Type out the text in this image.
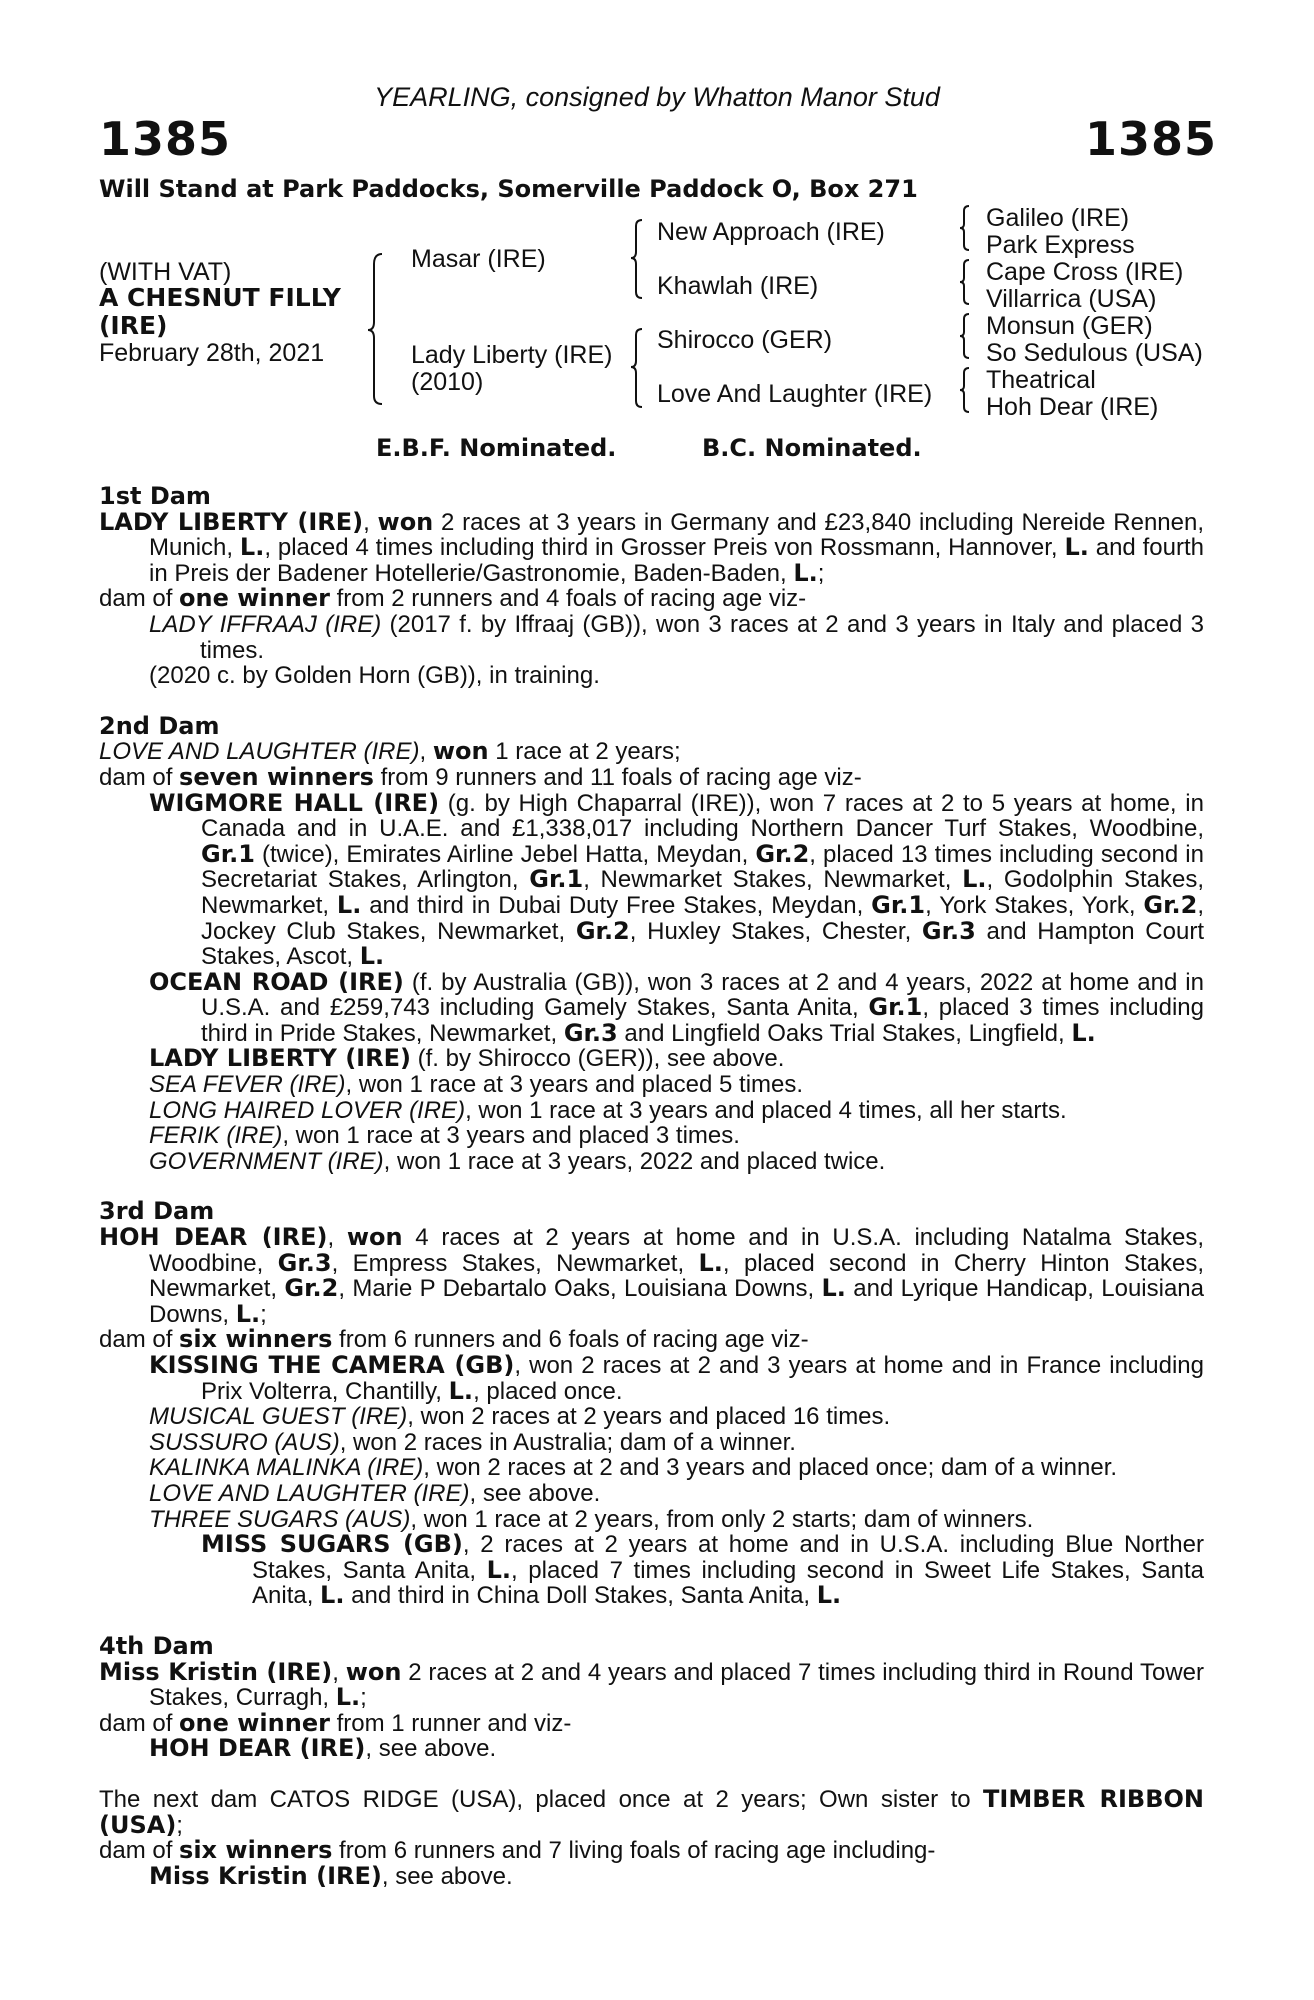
YEARLING, consigned by Whatton Manor Stud
1385	1385
Will Stand at Park Paddocks, Somerville Paddock O, Box 271
(WITH VAT)
A CHESNUT FILLY
(IRE)
February 28th, 2021
Masar (IRE)
Lady Liberty (IRE)
(2010)
New Approach (IRE)
Khawlah (IRE)
Shirocco (GER)
Love And Laughter (IRE)
Galileo (IRE)
Park Express
Cape Cross (IRE)
Villarrica (USA)
Monsun (GER)
So Sedulous (USA)
Theatrical
Hoh Dear (IRE)
E.B.F. Nominated.	B.C. Nominated.

1st Dam

LADY LIBERTY (IRE), won 2 races at 3 years in Germany and £23,840 including Nereide Rennen, Munich, L., placed 4 times including third in Grosser Preis von Rossmann, Hannover, L. and fourth in Preis der Badener Hotellerie/Gastronomie, Baden-Baden, L.;

dam of one winner from 2 runners and 4 foals of racing age viz-

LADY IFFRAAJ (IRE) (2017 f. by Iffraaj (GB)), won 3 races at 2 and 3 years in Italy and placed 3 times.

(2020 c. by Golden Horn (GB)), in training.

2nd Dam

LOVE AND LAUGHTER (IRE), won 1 race at 2 years;

dam of seven winners from 9 runners and 11 foals of racing age viz-

WIGMORE HALL (IRE) (g. by High Chaparral (IRE)), won 7 races at 2 to 5 years at home, in Canada and in U.A.E. and £1,338,017 including Northern Dancer Turf Stakes, Woodbine, Gr.1 (twice), Emirates Airline Jebel Hatta, Meydan, Gr.2, placed 13 times including second in Secretariat Stakes, Arlington, Gr.1, Newmarket Stakes, Newmarket, L., Godolphin Stakes, Newmarket, L. and third in Dubai Duty Free Stakes, Meydan, Gr.1, York Stakes, York, Gr.2, Jockey Club Stakes, Newmarket, Gr.2, Huxley Stakes, Chester, Gr.3 and Hampton Court Stakes, Ascot, L.

OCEAN ROAD (IRE) (f. by Australia (GB)), won 3 races at 2 and 4 years, 2022 at home and in U.S.A. and £259,743 including Gamely Stakes, Santa Anita, Gr.1, placed 3 times including third in Pride Stakes, Newmarket, Gr.3 and Lingfield Oaks Trial Stakes, Lingfield, L.

LADY LIBERTY (IRE) (f. by Shirocco (GER)), see above.

SEA FEVER (IRE), won 1 race at 3 years and placed 5 times.

LONG HAIRED LOVER (IRE), won 1 race at 3 years and placed 4 times, all her starts.

FERIK (IRE), won 1 race at 3 years and placed 3 times.

GOVERNMENT (IRE), won 1 race at 3 years, 2022 and placed twice.

3rd Dam

HOH DEAR (IRE), won 4 races at 2 years at home and in U.S.A. including Natalma Stakes, Woodbine, Gr.3, Empress Stakes, Newmarket, L., placed second in Cherry Hinton Stakes, Newmarket, Gr.2, Marie P Debartalo Oaks, Louisiana Downs, L. and Lyrique Handicap, Louisiana Downs, L.;

dam of six winners from 6 runners and 6 foals of racing age viz-

KISSING THE CAMERA (GB), won 2 races at 2 and 3 years at home and in France including Prix Volterra, Chantilly, L., placed once.

MUSICAL GUEST (IRE), won 2 races at 2 years and placed 16 times.

SUSSURO (AUS), won 2 races in Australia; dam of a winner.

KALINKA MALINKA (IRE), won 2 races at 2 and 3 years and placed once; dam of a winner.

LOVE AND LAUGHTER (IRE), see above.

THREE SUGARS (AUS), won 1 race at 2 years, from only 2 starts; dam of winners.

MISS SUGARS (GB), 2 races at 2 years at home and in U.S.A. including Blue Norther Stakes, Santa Anita, L., placed 7 times including second in Sweet Life Stakes, Santa Anita, L. and third in China Doll Stakes, Santa Anita, L.

4th Dam

Miss Kristin (IRE), won 2 races at 2 and 4 years and placed 7 times including third in Round Tower Stakes, Curragh, L.;

dam of one winner from 1 runner and viz-

HOH DEAR (IRE), see above.

The next dam CATOS RIDGE (USA), placed once at 2 years; Own sister to TIMBER RIBBON (USA);

dam of six winners from 6 runners and 7 living foals of racing age including-

Miss Kristin (IRE), see above.
